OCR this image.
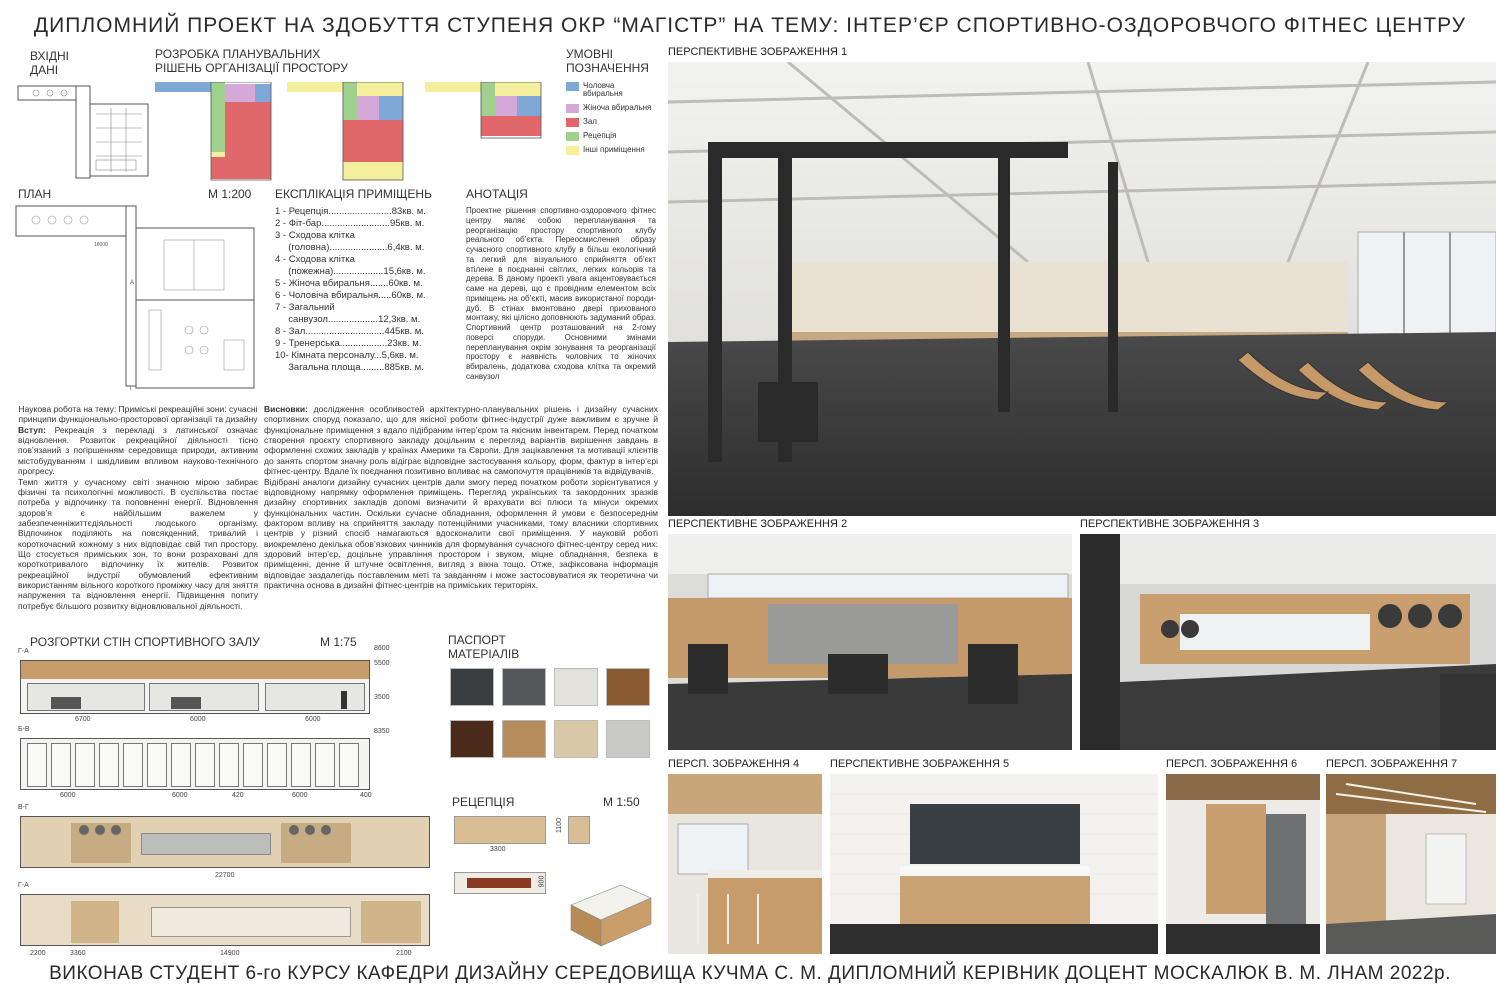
ДИПЛОМНИЙ ПРОЕКТ НА ЗДОБУТТЯ СТУПЕНЯ ОКР “МАГІСТР” НА ТЕМУ: ІНТЕР’ЄР СПОРТИВНО-ОЗДОРОВЧОГО ФІТНЕС ЦЕНТРУ
ВХІДНІ
ДАНІ
РОЗРОБКА ПЛАНУВАЛЬНИХ
РІШЕНЬ ОРГАНІЗАЦІЇ ПРОСТОРУ
УМОВНІ
ПОЗНАЧЕННЯ
Чоловча вбиральня
Жіноча вбиральня
Зал
Рецепція
Інші приміщення
ПЛАН	М 1:200
18000
А
Г
ЕКСПЛІКАЦІЯ ПРИМІЩЕНЬ
1 - Рецепція........................83кв. м.
2 - Фіт-бар..........................95кв. м.
3 - Сходова клітка
(головна)......................6,4кв. м.
4 - Сходова клітка
(пожежна)...................15,6кв. м.
5 - Жіноча вбиральня.......60кв. м.
6 - Чоловіча вбиральня.....60кв. м.
7 - Загальний
санвузол...................12,3кв. м.
8 - Зал..............................445кв. м.
9 - Тренерська..................23кв. м.
10- Кімната персоналу...5,6кв. м.
Загальна площа.........885кв. м.
АНОТАЦІЯ
Проектне рішення спортивно-оздоровчого фітнес центру являє собою перепланування та реорганізацію простору спортивного клубу реального об’єкта. Переосмислення образу сучасного спортивного клубу в більш екологічний та легкий для візуального сприйняття об’єкт втілене в поєднанні світлих, легких кольорів та дерева. В даному проекті увага акцентовувається саме на дереві, що є провідним елементом всіх приміщень на об’єкті, масив використаної породи-дуб. В стінах вмонтовано двері прихованого монтажу, які цілісно доповнюють задуманий образ. Спортивний центр розташований на 2-гому поверсі споруди. Основними змінами перепланування окрім зонування та реорганізації простору є наявність чоловічих то жіночих вбиралень, додаткова сходова клітка та окремий санвузол
Наукова робота на тему: Приміські рекреаційні зони: сучасні принципи функціонально-просторової організації та дизайну
Вступ: Рекреація з перекладі з латинської означає відновлення. Розвиток рекреаційної діяльності тісно пов’язаний з погіршенням середовища природи, активним містобудуванням і шкідливим впливом науково-технічного прогресу.
Темп життя у сучасному світі значною мірою забирає фізичні та психологічні можливості. В суспільства постає потреба у відпочинку та поповненні енергії. Відновлення здоров’я є найбільшим важелем у забезпеченніжиттєдіяльності людського організму. Відпочинок поділяють на повсякденний, тривалий і короткочасний кожному з них відповідає свій тип простору. Що стосується приміських зон, то вони розраховані для короткотривалого відпочинку їх жителів. Розвиток рекреаційної індустрії обумовлений ефективним використанням вільного короткого проміжку часу для зняття напруження та відновлення енергії. Підвищення попиту потребує більшого розвитку відновлювальної діяльності.
Висновки: дослідження особливостей архітектурно-планувальних рішень і дизайну сучасних спортивних споруд показало, що для якісної роботи фітнес-індустрії дуже важливим є зручне й функціональне приміщення з вдало підібраним інтер’єром та якісним інвентарем. Перед початком створення проєкту спортивного закладу доцільним є перегляд варіантів вирішення завдань в оформленні схожих закладів у країнах Америки та Європи. Для зацікавлення та мотивації клієнтів до занять спортом значну роль відіграє відповідне застосування кольору, форм, фактур в інтер’єрі фітнес-центру. Вдале їх поєднання позитивно впливає на самопочуття працівників та відвідувачів.
Відібрані аналоги дизайну сучасних центрів дали змогу перед початком роботи зорієнтуватися у відповідному напрямку оформлення приміщень. Перегляд українських та закордонних зразків дизайну спортивних закладів допомі визначити й врахувати всі плюси та мінуси окремих функціональних частин. Оскільки сучасне обладнання, оформлення й умови є безпосереднім фактором впливу на сприйняття закладу потенційними учасниками, тому власники спортивних центрів у різний спосіб намагаються вдосконалити свої приміщення. У науковій роботі виокремлено декілька обов’язкових чинників для формування сучасного фітнес-центру серед них: здоровий інтер’єр, доцільне управління простором і звуком, міцне обладнання, безпека в приміщенні, денне й штучне освітлення, вигляд з вікна тощо. Отже, зафіксована інформація відповідає заздалегідь поставленим меті та завданням і може застосовуватися як теоретична чи практична основа в дизайні фітнес-центрів на приміських територіях.
РОЗГОРТКИ СТІН СПОРТИВНОГО ЗАЛУ	М 1:75
Г-А
6700	6000	6000
8600
5500
3500
Б-В	8350
6000	6000	420	6000	400
В-Г
22700
Г-А
2200	3360	14900	2100
ПАСПОРТ
МАТЕРІАЛІВ
РЕЦЕПЦІЯ	М 1:50
3300
1100
900
ПЕРСПЕКТИВНЕ ЗОБРАЖЕННЯ 1
ПЕРСПЕКТИВНЕ ЗОБРАЖЕННЯ 2	ПЕРСПЕКТИВНЕ ЗОБРАЖЕННЯ 3
ПЕРСП. ЗОБРАЖЕННЯ 4	ПЕРСПЕКТИВНЕ ЗОБРАЖЕННЯ 5	ПЕРСП. ЗОБРАЖЕННЯ 6	ПЕРСП. ЗОБРАЖЕННЯ 7
ВИКОНАВ СТУДЕНТ 6-го КУРСУ КАФЕДРИ ДИЗАЙНУ СЕРЕДОВИЩА КУЧМА С. М. ДИПЛОМНИЙ КЕРІВНИК ДОЦЕНТ МОСКАЛЮК В. М. ЛНАМ 2022р.
